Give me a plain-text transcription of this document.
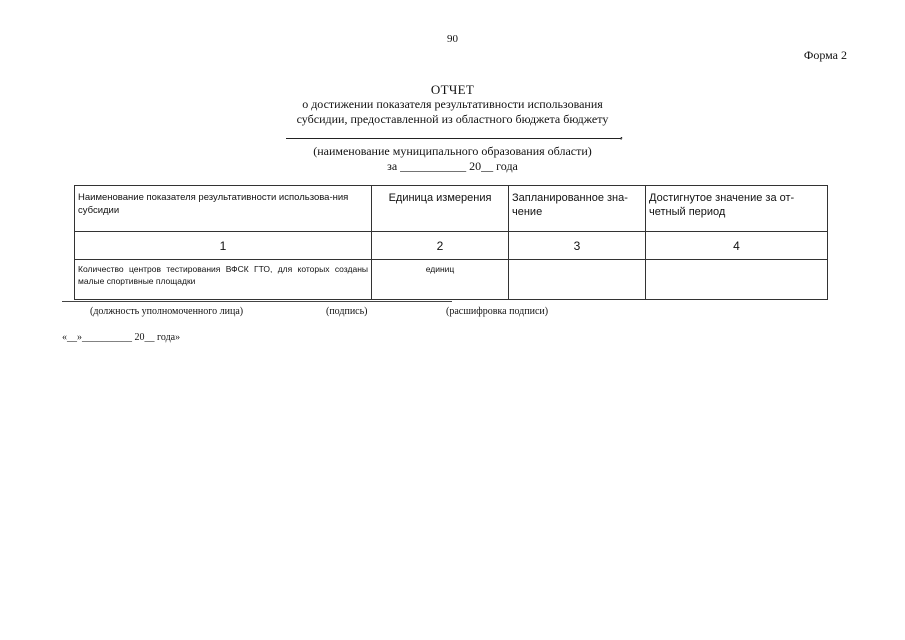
90
Форма 2
ОТЧЕТ
о достижении показателя результативности использования
субсидии, предоставленной из областного бюджета бюджету
,
(наименование муниципального образования области)
за ___________ 20__ года
Наименование показателя результативности использова-ния субсидии	Единица измерения	Запланированное зна-чение	Достигнутое значение за от-четный период
1	2	3	4
Количество центров тестирования ВФСК ГТО, для которых созданы малые спортивные площадки	единиц		
(должность уполномоченного лица)	(подпись)	(расшифровка подписи)
«__»__________ 20__ года»
